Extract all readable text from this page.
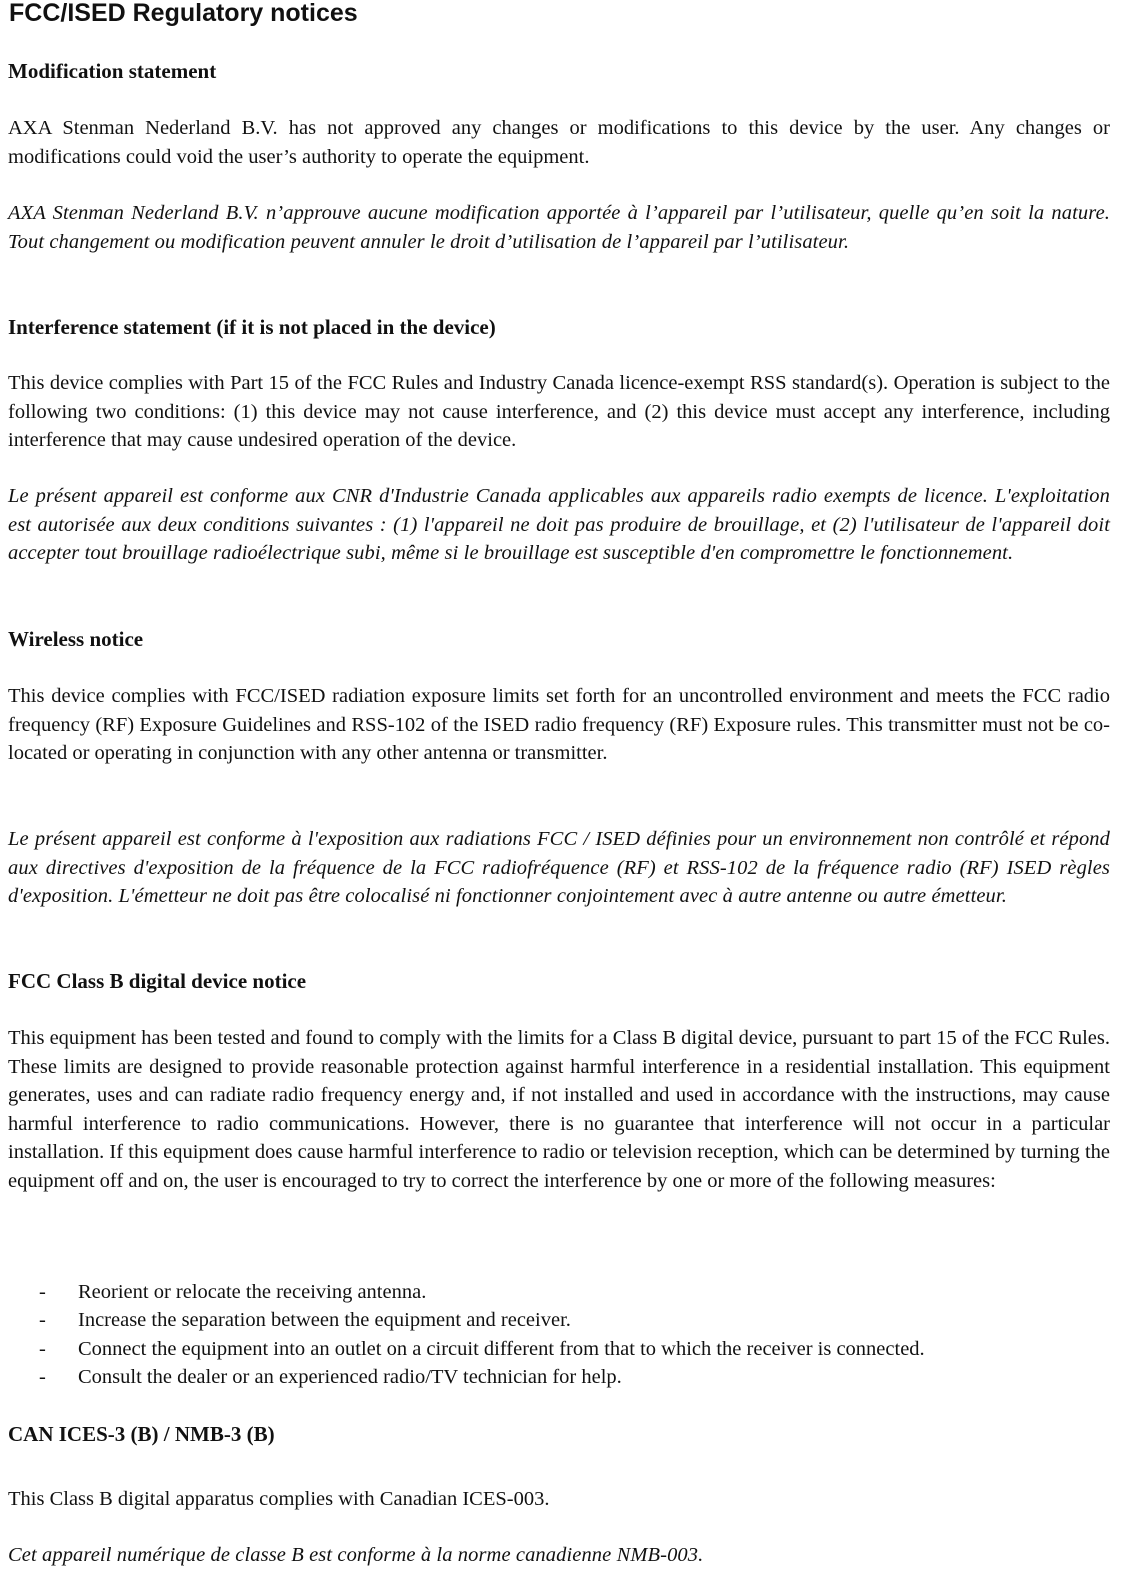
FCC/ISED Regulatory notices
Modification statement

AXA Stenman Nederland B.V. has not approved any changes or modifications to this device by the user. Any changes or modifications could void the user’s authority to operate the equipment.

AXA Stenman Nederland B.V. n’approuve aucune modification apportée à l’appareil par l’utilisateur, quelle qu’en soit la nature. Tout changement ou modification peuvent annuler le droit d’utilisation de l’appareil par l’utilisateur.

Interference statement (if it is not placed in the device)

This device complies with Part 15 of the FCC Rules and Industry Canada licence-exempt RSS standard(s). Operation is subject to the following two conditions: (1) this device may not cause interference, and (2) this device must accept any interference, including interference that may cause undesired operation of the device.

Le présent appareil est conforme aux CNR d'Industrie Canada applicables aux appareils radio exempts de licence. L'exploitation est autorisée aux deux conditions suivantes : (1) l'appareil ne doit pas produire de brouillage, et (2) l'utilisateur de l'appareil doit accepter tout brouillage radioélectrique subi, même si le brouillage est susceptible d'en compromettre le fonctionnement.

Wireless notice

This device complies with FCC/ISED radiation exposure limits set forth for an uncontrolled environment and meets the FCC radio frequency (RF) Exposure Guidelines and RSS-102 of the ISED radio frequency (RF) Exposure rules. This transmitter must not be co-located or operating in conjunction with any other antenna or transmitter.

Le présent appareil est conforme à l'exposition aux radiations FCC / ISED définies pour un environnement non contrôlé et répond aux directives d'exposition de la fréquence de la FCC radiofréquence (RF) et RSS-102 de la fréquence radio (RF) ISED règles d'exposition. L'émetteur ne doit pas être colocalisé ni fonctionner conjointement avec à autre antenne ou autre émetteur.

FCC Class B digital device notice

This equipment has been tested and found to comply with the limits for a Class B digital device, pursuant to part 15 of the FCC Rules. These limits are designed to provide reasonable protection against harmful interference in a residential installation. This equipment generates, uses and can radiate radio frequency energy and, if not installed and used in accordance with the instructions, may cause harmful interference to radio communications. However, there is no guarantee that interference will not occur in a particular installation. If this equipment does cause harmful interference to radio or television reception, which can be determined by turning the equipment off and on, the user is encouraged to try to correct the interference by one or more of the following measures:

- Reorient or relocate the receiving antenna.
- Increase the separation between the equipment and receiver.
- Connect the equipment into an outlet on a circuit different from that to which the receiver is connected.
- Consult the dealer or an experienced radio/TV technician for help.
CAN ICES-3 (B) / NMB-3 (B)

This Class B digital apparatus complies with Canadian ICES-003.

Cet appareil numérique de classe B est conforme à la norme canadienne NMB-003.
